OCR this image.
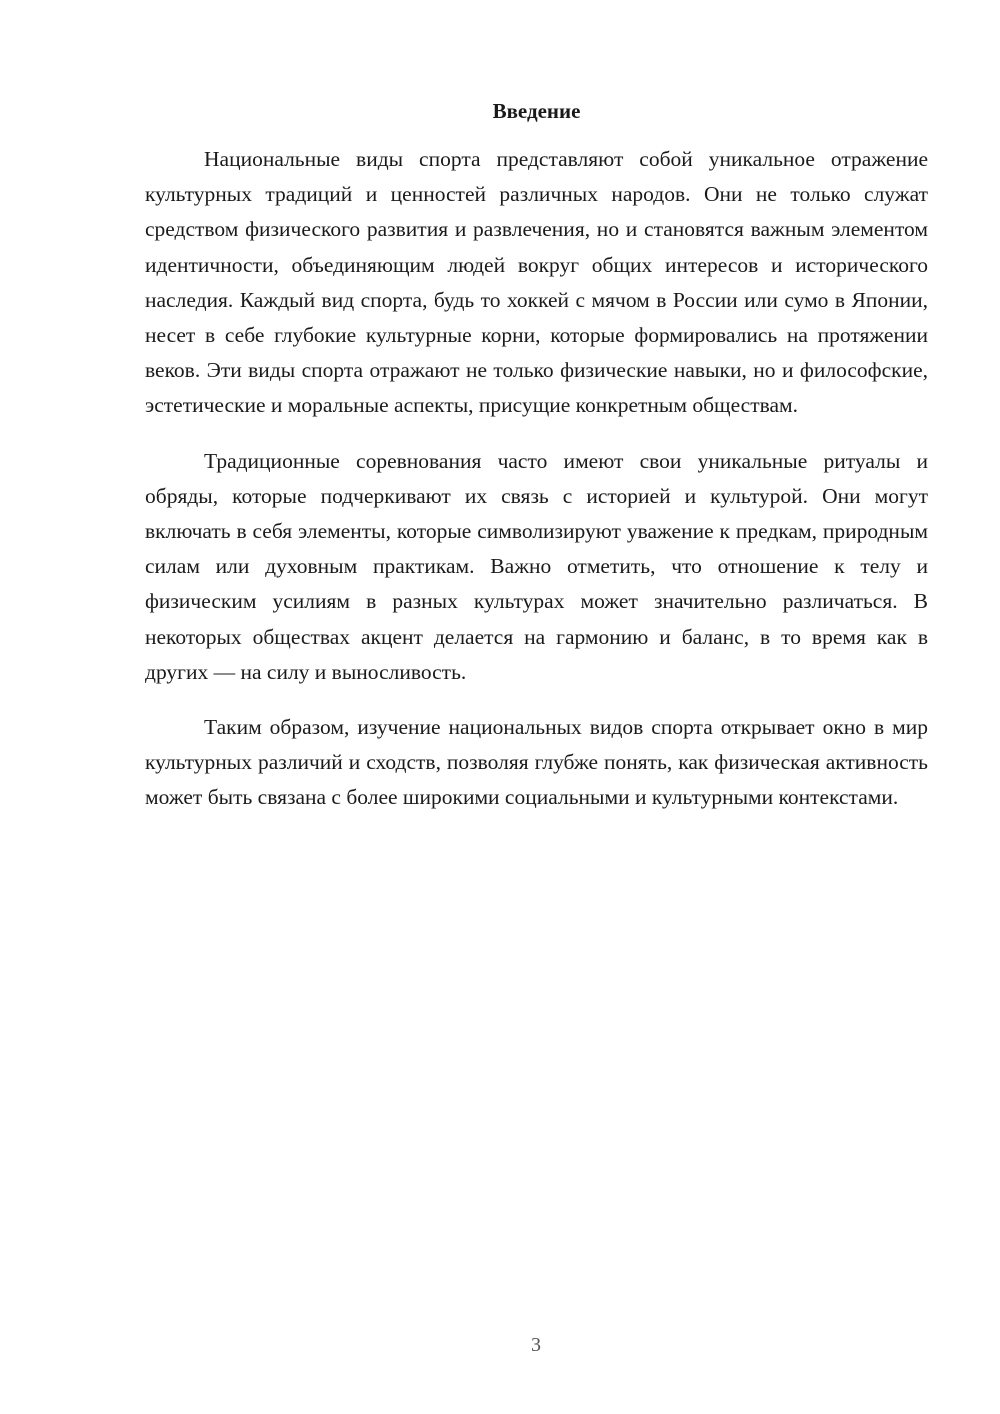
Введение

Национальные виды спорта представляют собой уникальное отражение культурных традиций и ценностей различных народов. Они не только служат средством физического развития и развлечения, но и становятся важным элементом идентичности, объединяющим людей вокруг общих интересов и исторического наследия. Каждый вид спорта, будь то хоккей с мячом в России или сумо в Японии, несет в себе глубокие культурные корни, которые формировались на протяжении веков. Эти виды спорта отражают не только физические навыки, но и философские, эстетические и моральные аспекты, присущие конкретным обществам.

Традиционные соревнования часто имеют свои уникальные ритуалы и обряды, которые подчеркивают их связь с историей и культурой. Они могут включать в себя элементы, которые символизируют уважение к предкам, природным силам или духовным практикам. Важно отметить, что отношение к телу и физическим усилиям в разных культурах может значительно различаться. В некоторых обществах акцент делается на гармонию и баланс, в то время как в других — на силу и выносливость.

Таким образом, изучение национальных видов спорта открывает окно в мир культурных различий и сходств, позволяя глубже понять, как физическая активность может быть связана с более широкими социальными и культурными контекстами.

3
